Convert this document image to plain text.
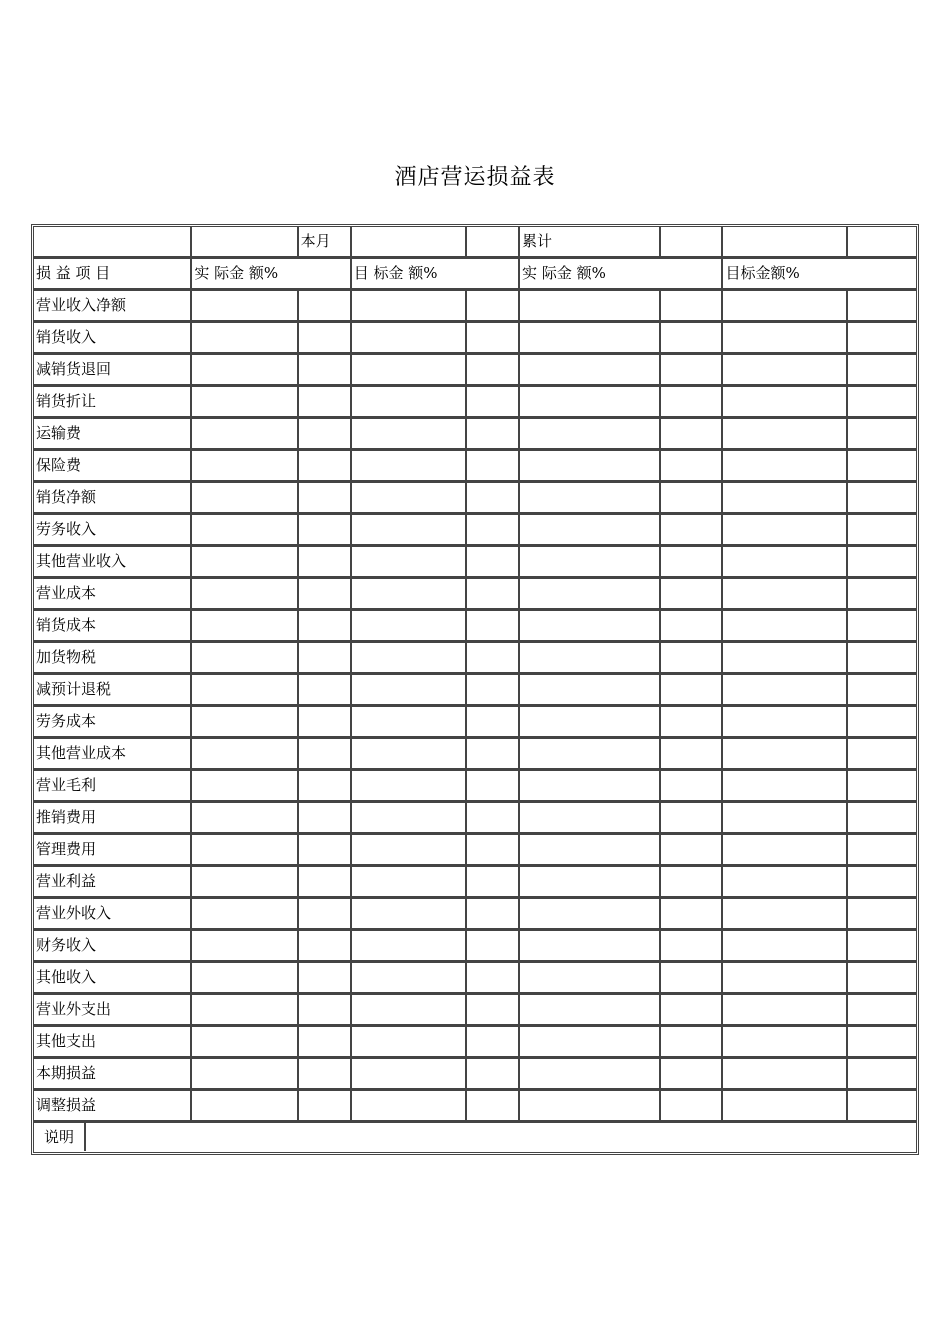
酒店营运损益表
		本月			累计			
损 益 项 目	实 际金 额%		目 标金 额%		实 际金 额%		目标金额%	
营业收入净额								
销货收入								
减销货退回								
销货折让								
运输费								
保险费								
销货净额								
劳务收入								
其他营业收入								
营业成本								
销货成本								
加货物税								
减预计退税								
劳务成本								
其他营业成本								
营业毛利								
推销费用								
管理费用								
营业利益								
营业外收入								
财务收入								
其他收入								
营业外支出								
其他支出								
本期损益								
调整损益								
说明								
